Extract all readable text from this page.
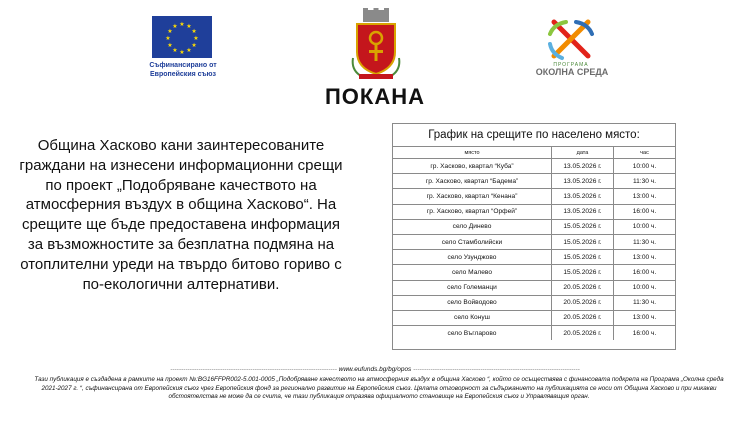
★ ★
★
★
★
★
★
★
★
★
★
★
Съфинансирано от Европейския съюз
ПРОГРАМА
ОКОЛНА СРЕДА
ПОКАНА
Община Хасково кани заинтересованите граждани на изнесени информационни срещи по проект „Подобряване качеството на атмосферния въздух в община Хасково“. На срещите ще бъде предоставена информация за възможностите за безплатна подмяна на отоплителни уреди на твърдо битово гориво с по-екологични алтернативи.
График на срещите по населено място:
място	дата	час
гр. Хасково, квартал “Куба”	13.05.2026 г.	10:00 ч.
гр. Хасково, квартал “Бадема”	13.05.2026 г.	11:30 ч.
гр. Хасково, квартал “Кенана”	13.05.2026 г.	13:00 ч.
гр. Хасково, квартал “Орфей”	13.05.2026 г.	16:00 ч.
село Динево	15.05.2026 г.	10:00 ч.
село Стамболийски	15.05.2026 г.	11:30 ч.
село Узунджово	15.05.2026 г.	13:00 ч.
село Малево	15.05.2026 г.	16:00 ч.
село Големанци	20.05.2026 г.	10:00 ч.
село Войводово	20.05.2026 г.	11:30 ч.
село Конуш	20.05.2026 г.	13:00 ч.
село Въгларово	20.05.2026 г.	16:00 ч.
----------------------------------------------------------------------------- www.eufunds.bg/bg/opos -----------------------------------------------------------------------------
Тази публикация е създадена в рамките на проект №:BG16FFPR002-5.001-0005 „Подобряване качеството на атмосферния въздух в община Хасково “, който се осъществява с финансовата подкрепа на Програма „Околна среда 2021-2027 г. “, съфинансирана от Европейския съюз чрез Европейския фонд за регионално развитие на Европейския съюз. Цялата отговорност за съдържанието на публикацията се носи от Община Хасково и при никакви обстоятелства не може да се счита, че тази публикация отразява официалното становище на Европейския съюз и Управляващия орган.
